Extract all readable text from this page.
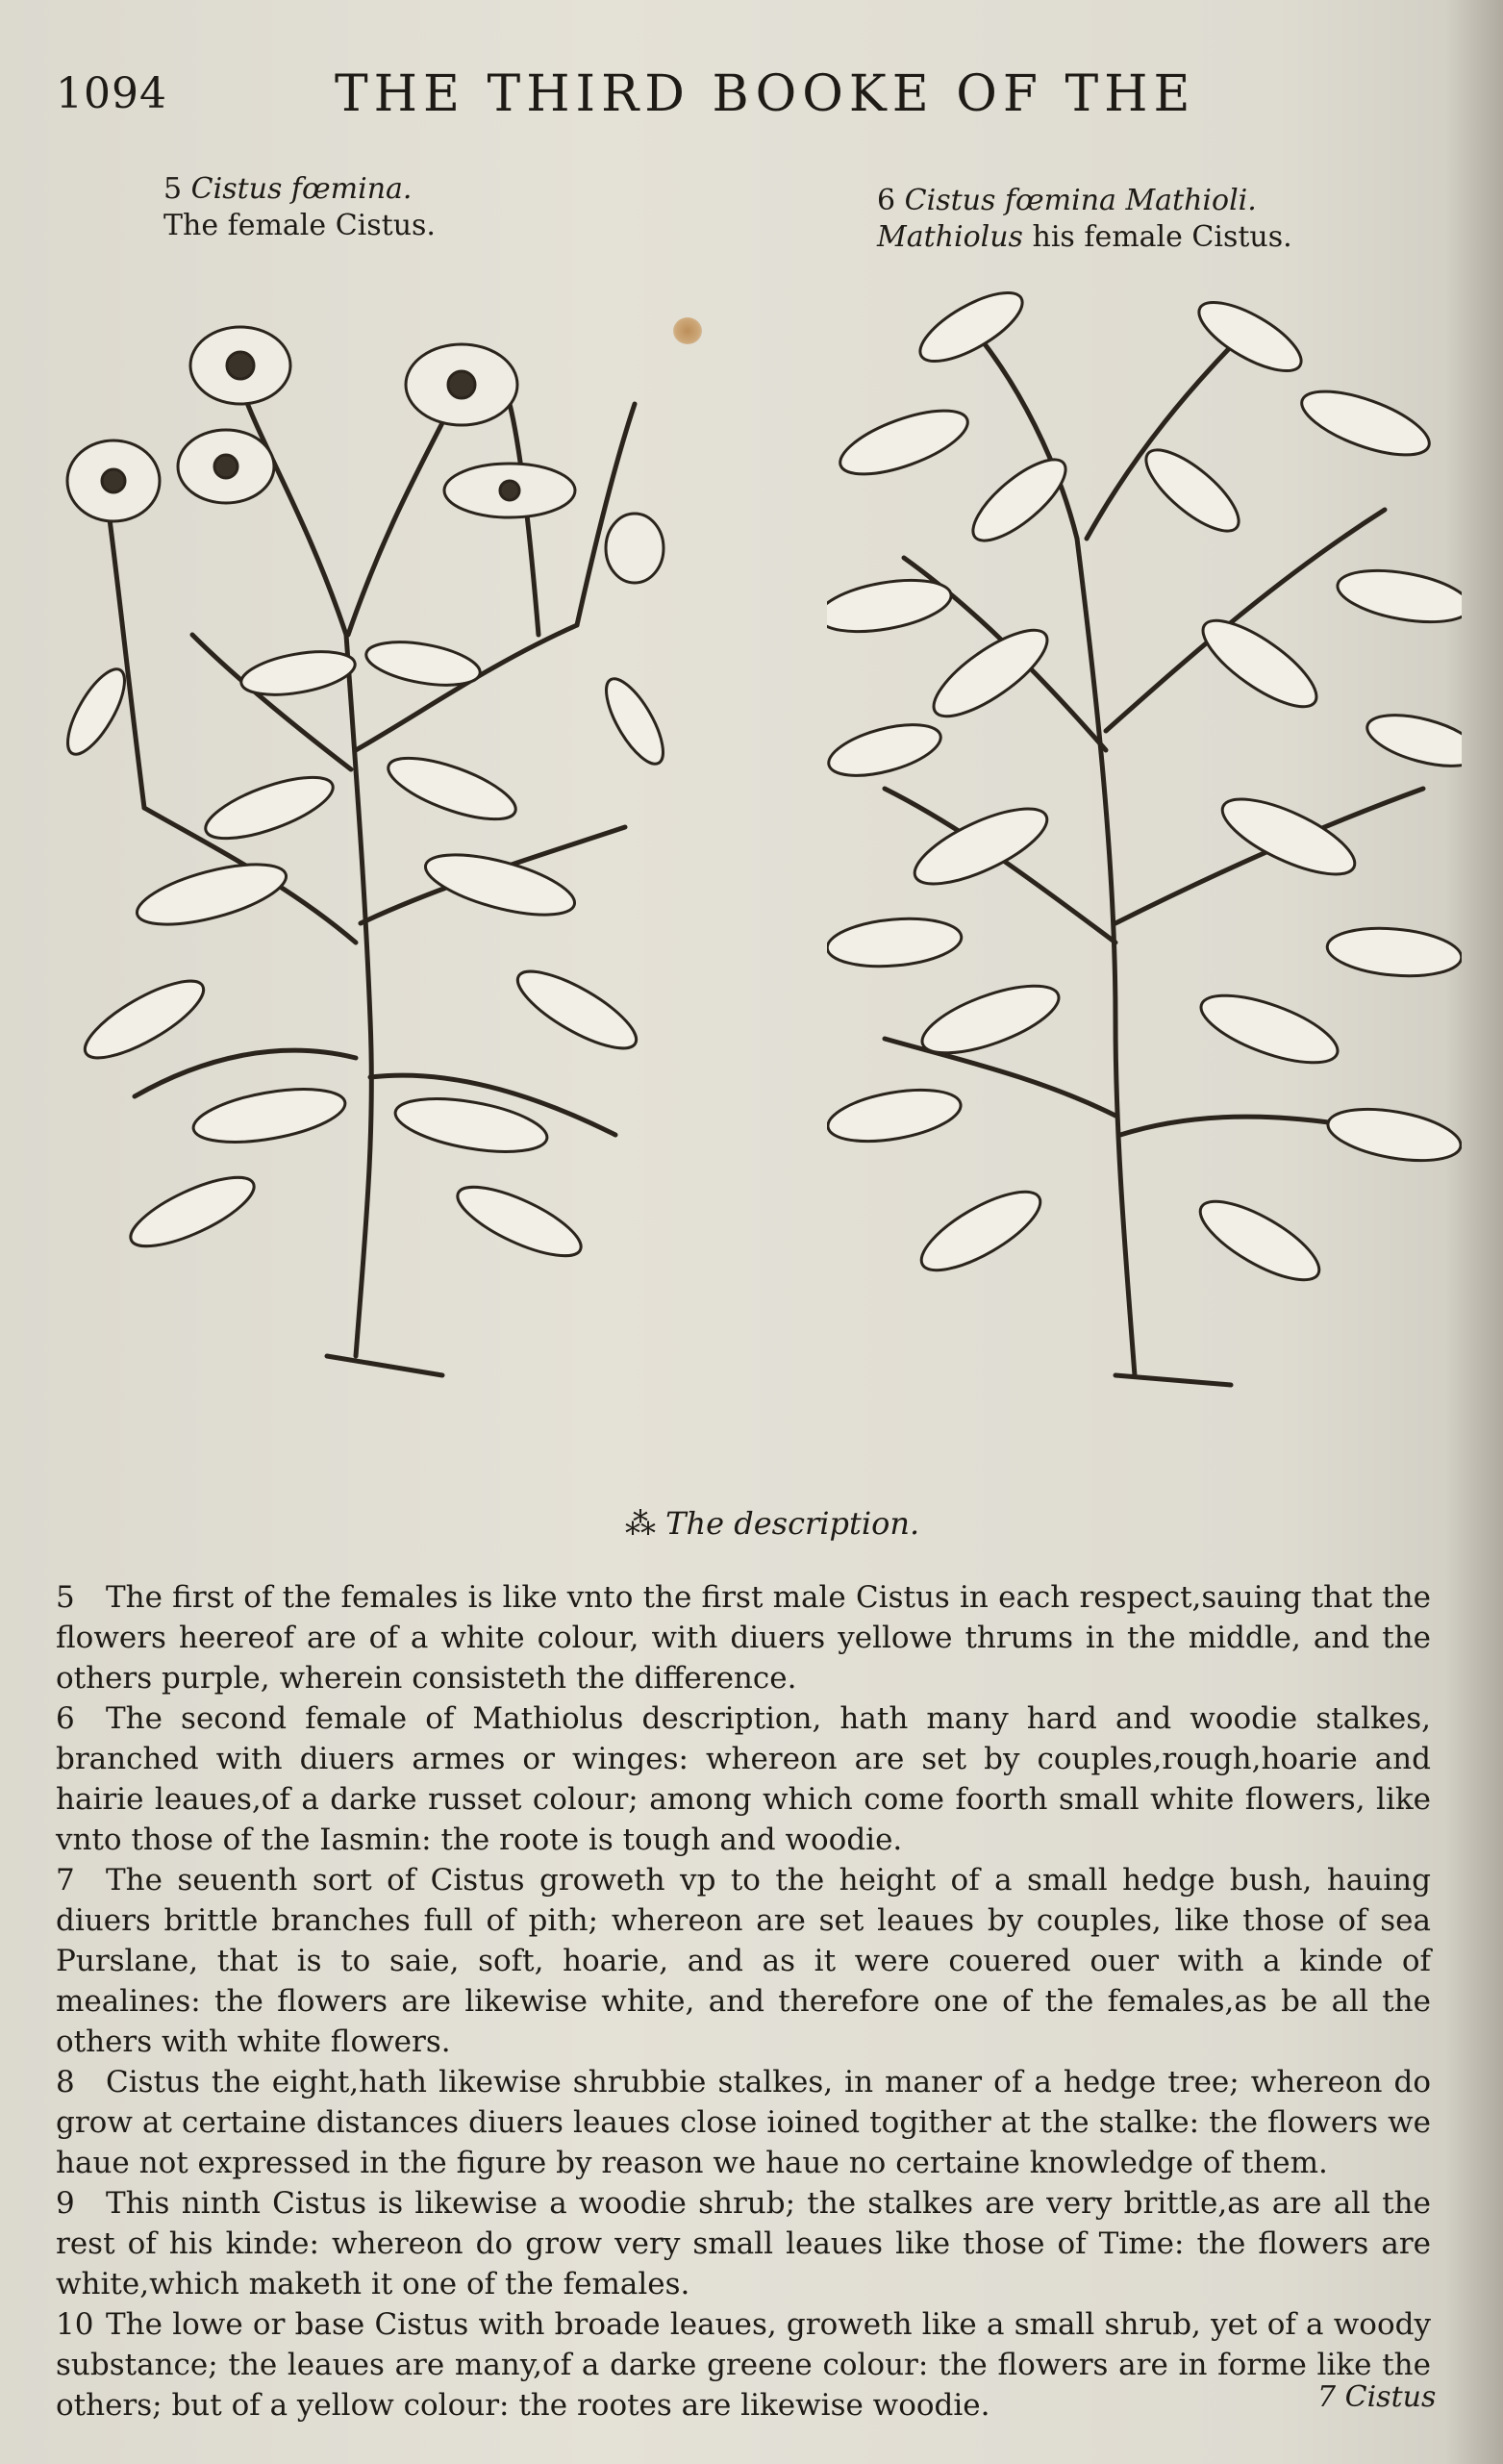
1094	THE THIRD BOOKE OF THE
5 Cistus fœmina.
The female Cistus.
6 Cistus fœmina Mathioli.
Mathiolus his female Cistus.
⁂ The description.

5 The first of the females is like vnto the first male Cistus in each respect,sauing that the flowers heereof are of a white colour, with diuers yellowe thrums in the middle, and the others purple, wherein consisteth the difference.

6 The second female of Mathiolus description, hath many hard and woodie stalkes, branched with diuers armes or winges: whereon are set by couples,rough,hoarie and hairie leaues,of a darke russet colour; among which come foorth small white flowers, like vnto those of the Iasmin: the roote is tough and woodie.

7 The seuenth sort of Cistus groweth vp to the height of a small hedge bush, hauing diuers brittle branches full of pith; whereon are set leaues by couples, like those of sea Purslane, that is to saie, soft, hoarie, and as it were couered ouer with a kinde of mealines: the flowers are likewise white, and therefore one of the females,as be all the others with white flowers.

8 Cistus the eight,hath likewise shrubbie stalkes, in maner of a hedge tree; whereon do grow at certaine distances diuers leaues close ioined togither at the stalke: the flowers we haue not expressed in the figure by reason we haue no certaine knowledge of them.

9 This ninth Cistus is likewise a woodie shrub; the stalkes are very brittle,as are all the rest of his kinde: whereon do grow very small leaues like those of Time: the flowers are white,which maketh it one of the females.

10 The lowe or base Cistus with broade leaues, groweth like a small shrub, yet of a woody substance; the leaues are many,of a darke greene colour: the flowers are in forme like the others; but of a yellow colour: the rootes are likewise woodie.	7 Cistus
